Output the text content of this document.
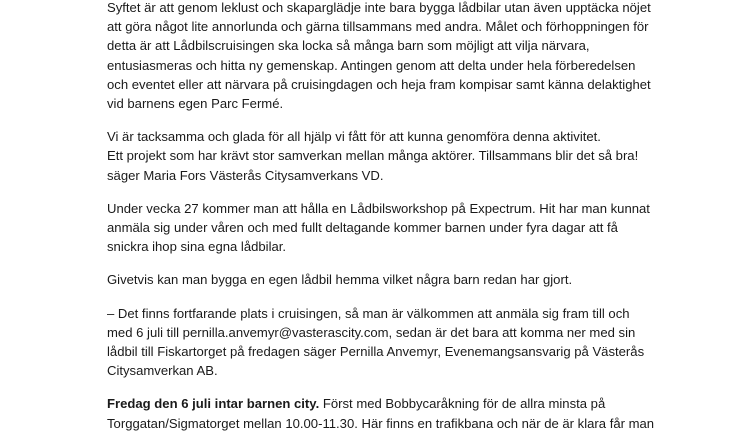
Syftet är att genom leklust och skaparglädje inte bara bygga lådbilar utan även upptäcka nöjet
att göra något lite annorlunda och gärna tillsammans med andra. Målet och förhoppningen för
detta är att Lådbilscruisingen ska locka så många barn som möjligt att vilja närvara,
entusiasmeras och hitta ny gemenskap. Antingen genom att delta under hela förberedelsen
och eventet eller att närvara på cruisingdagen och heja fram kompisar samt känna delaktighet
vid barnens egen Parc Fermé.

Vi är tacksamma och glada för all hjälp vi fått för att kunna genomföra denna aktivitet.
Ett projekt som har krävt stor samverkan mellan många aktörer. Tillsammans blir det så bra!
säger Maria Fors Västerås Citysamverkans VD.

Under vecka 27 kommer man att hålla en Lådbilsworkshop på Expectrum. Hit har man kunnat
anmäla sig under våren och med fullt deltagande kommer barnen under fyra dagar att få
snickra ihop sina egna lådbilar.

Givetvis kan man bygga en egen lådbil hemma vilket några barn redan har gjort.

– Det finns fortfarande plats i cruisingen, så man är välkommen att anmäla sig fram till och
med 6 juli till pernilla.anvemyr@vasterascity.com, sedan är det bara att komma ner med sin
lådbil till Fiskartorget på fredagen säger Pernilla Anvemyr, Evenemangsansvarig på Västerås
Citysamverkan AB.

Fredag den 6 juli intar barnen city. Först med Bobbycaråkning för de allra minsta på
Torggatan/Sigmatorget mellan 10.00-11.30. Här finns en trafikbana och när de är klara får man
